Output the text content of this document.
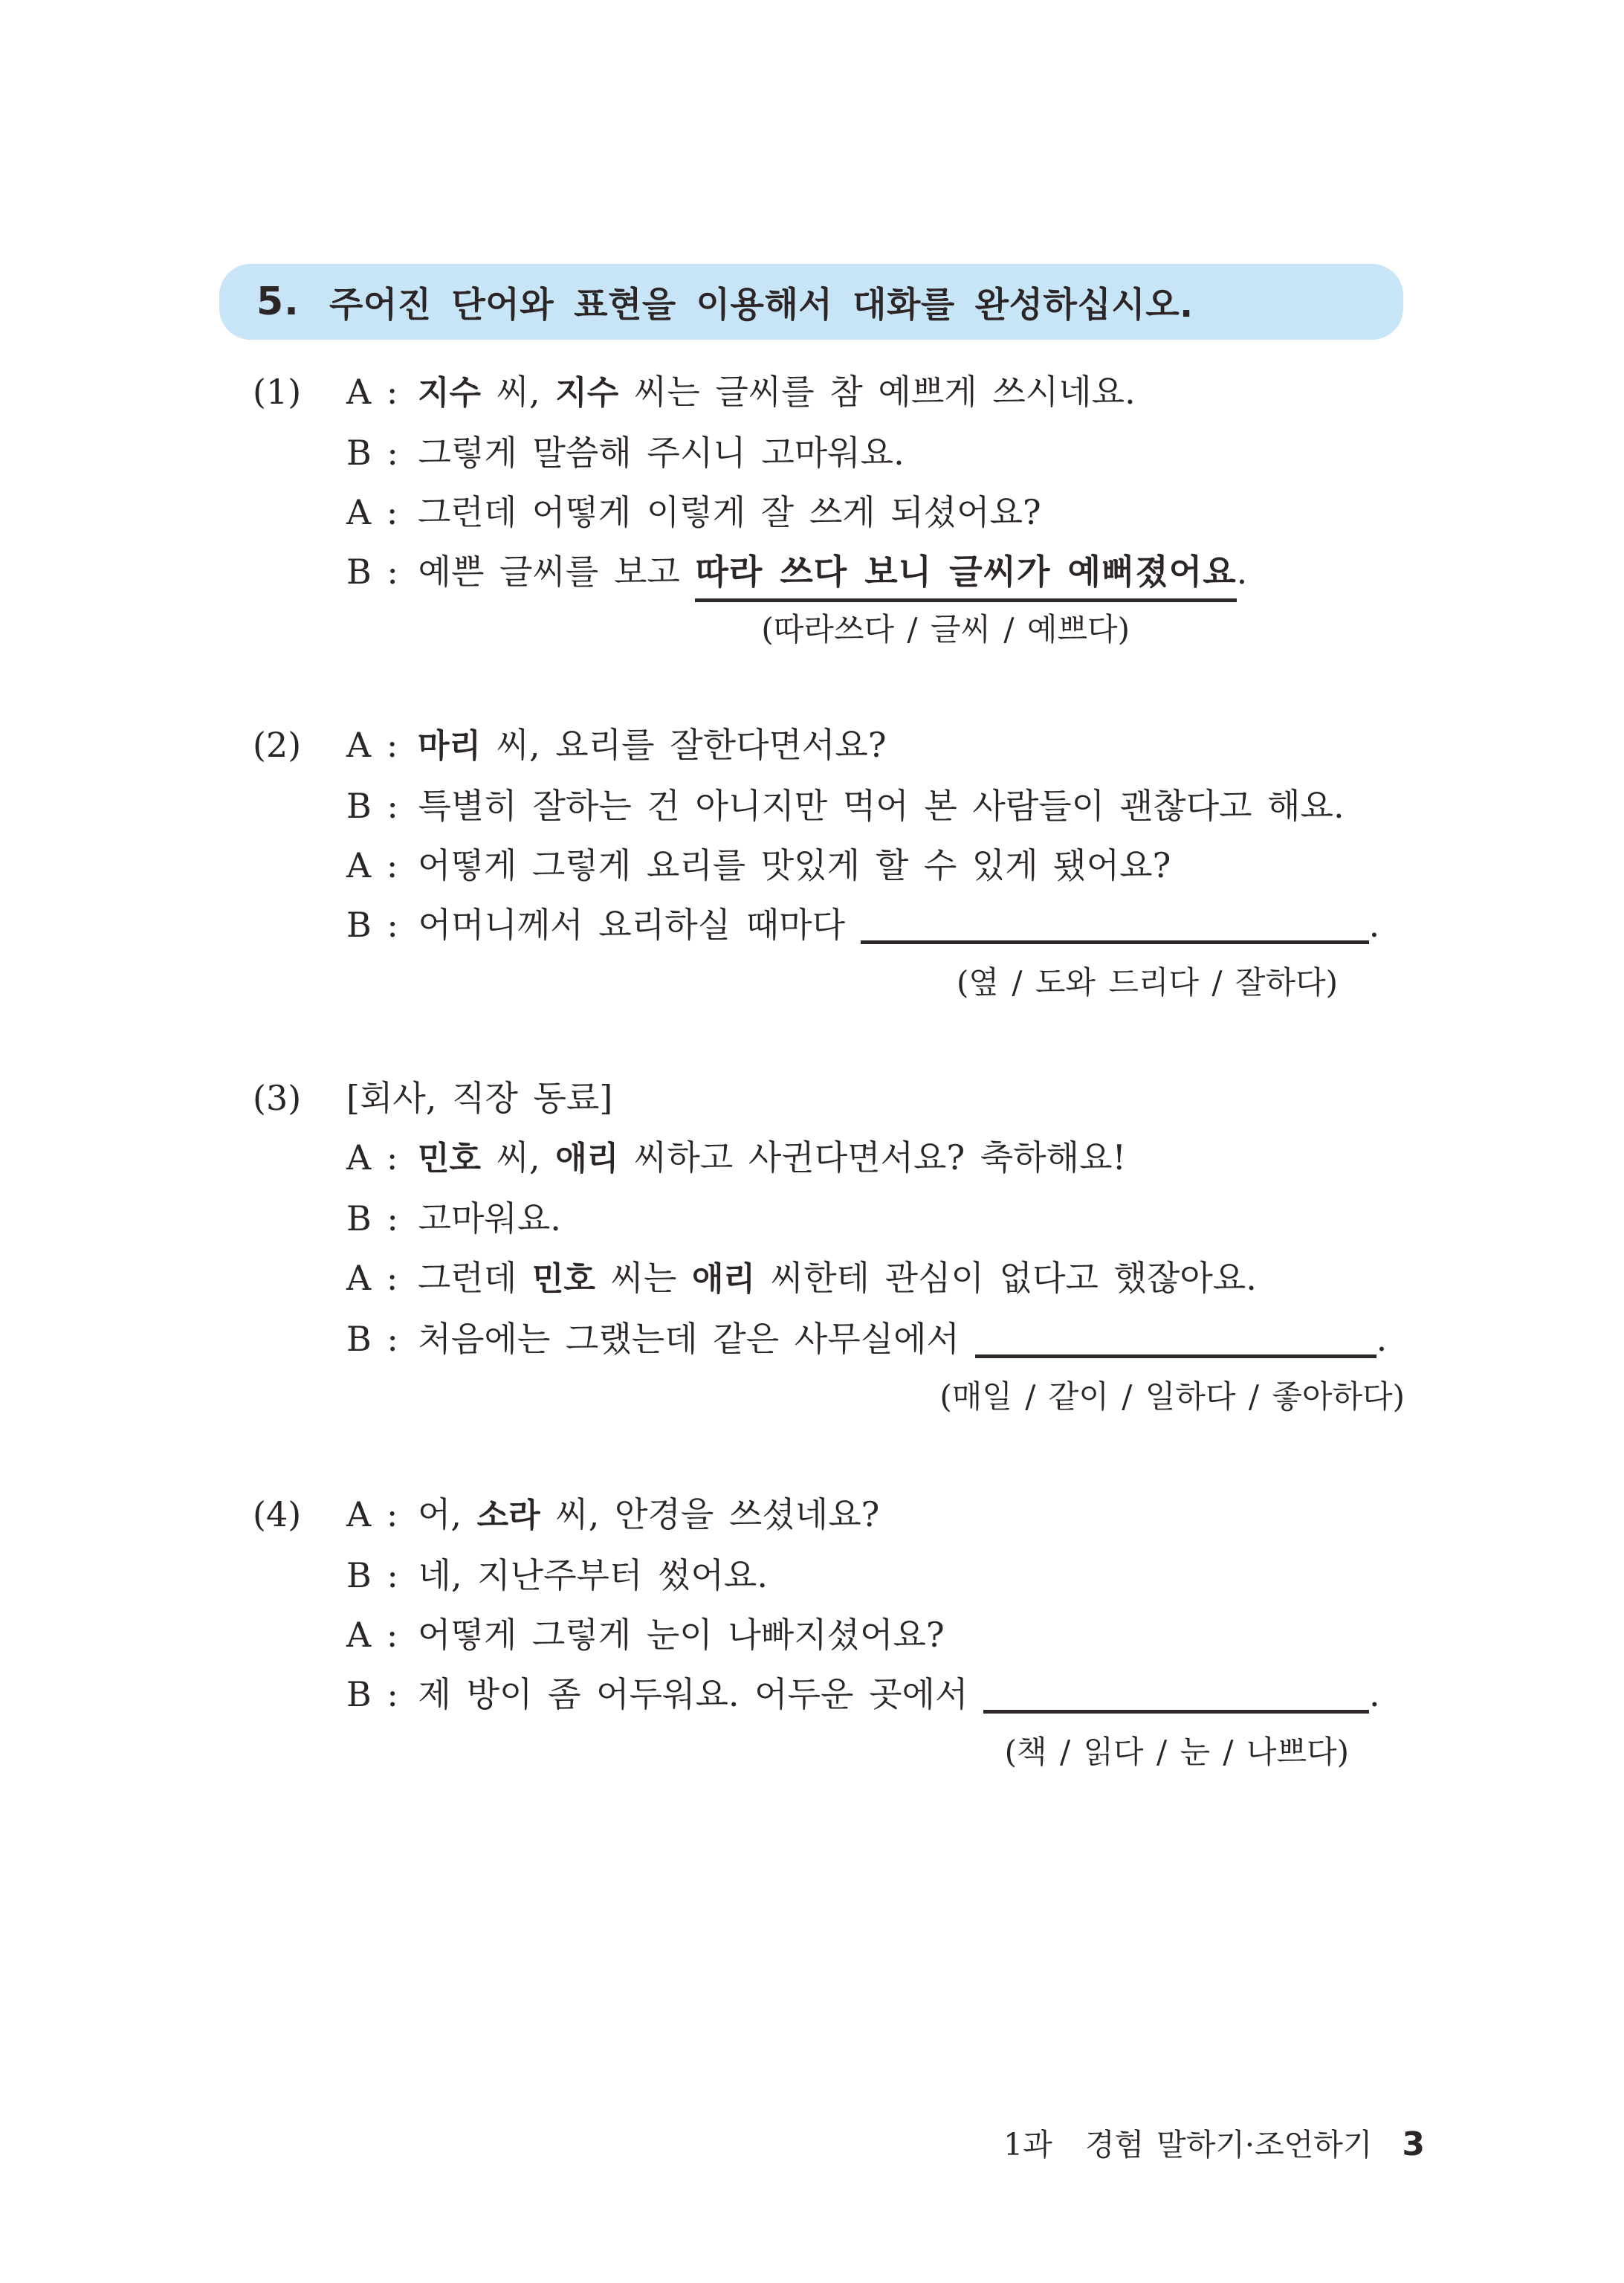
5. 주어진 단어와 표현을 이용해서 대화를 완성하십시오.
(1) A : 지수 씨, 지수 씨는 글씨를 참 예쁘게 쓰시네요.
B : 그렇게 말씀해 주시니 고마워요.
A : 그런데 어떻게 이렇게 잘 쓰게 되셨어요?
B : 예쁜 글씨를 보고 따라 쓰다 보니 글씨가 예뻐졌어요.
(따라쓰다 / 글씨 / 예쁘다)
(2) A : 마리 씨, 요리를 잘한다면서요?
B : 특별히 잘하는 건 아니지만 먹어 본 사람들이 괜찮다고 해요.
A : 어떻게 그렇게 요리를 맛있게 할 수 있게 됐어요?
B : 어머니께서 요리하실 때마다	.
(옆 / 도와 드리다 / 잘하다)
(3) [회사, 직장 동료]
A : 민호 씨, 애리 씨하고 사귄다면서요? 축하해요!
B : 고마워요.
A : 그런데 민호 씨는 애리 씨한테 관심이 없다고 했잖아요.
B : 처음에는 그랬는데 같은 사무실에서	.
(매일 / 같이 / 일하다 / 좋아하다)
(4) A : 어, 소라 씨, 안경을 쓰셨네요?
B : 네, 지난주부터 썼어요.
A : 어떻게 그렇게 눈이 나빠지셨어요?
B : 제 방이 좀 어두워요. 어두운 곳에서	.
(책 / 읽다 / 눈 / 나쁘다)
1과 경험 말하기·조언하기 3
